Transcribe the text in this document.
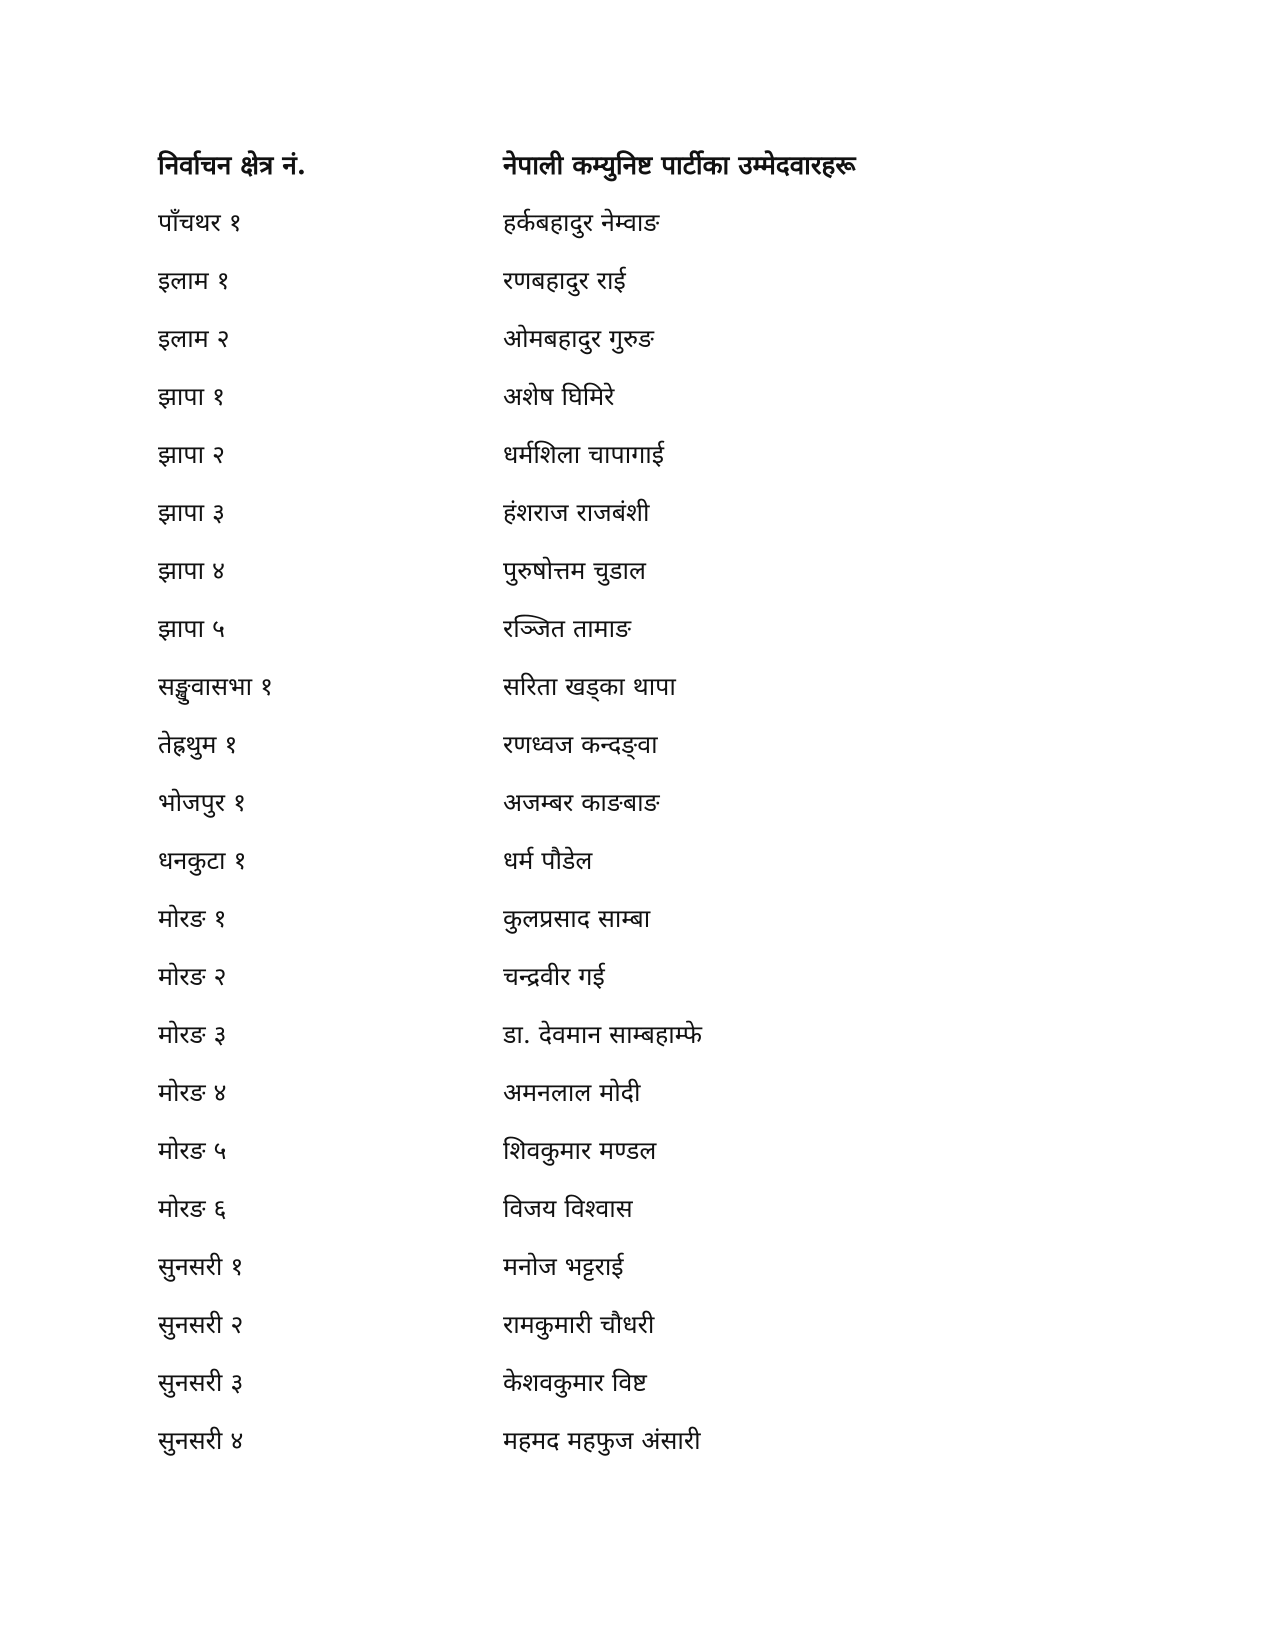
निर्वाचन क्षेत्र नं.	नेपाली कम्युनिष्ट पार्टीका उम्मेदवारहरू
पाँचथर १	हर्कबहादुर नेम्वाङ
इलाम १	रणबहादुर राई
इलाम २	ओमबहादुर गुरुङ
झापा १	अशेष घिमिरे
झापा २	धर्मशिला चापागाई
झापा ३	हंशराज राजबंशी
झापा ४	पुरुषोत्तम चुडाल
झापा ५	रञ्जित तामाङ
सङ्खुवासभा १	सरिता खड्का थापा
तेह्रथुम १	रणध्वज कन्दङ्वा
भोजपुर १	अजम्बर काङबाङ
धनकुटा १	धर्म पौडेल
मोरङ १	कुलप्रसाद साम्बा
मोरङ २	चन्द्रवीर गई
मोरङ ३	डा. देवमान साम्बहाम्फे
मोरङ ४	अमनलाल मोदी
मोरङ ५	शिवकुमार मण्डल
मोरङ ६	विजय विश्वास
सुनसरी १	मनोज भट्टराई
सुनसरी २	रामकुमारी चौधरी
सुनसरी ३	केशवकुमार विष्ट
सुनसरी ४	महमद महफुज अंसारी
